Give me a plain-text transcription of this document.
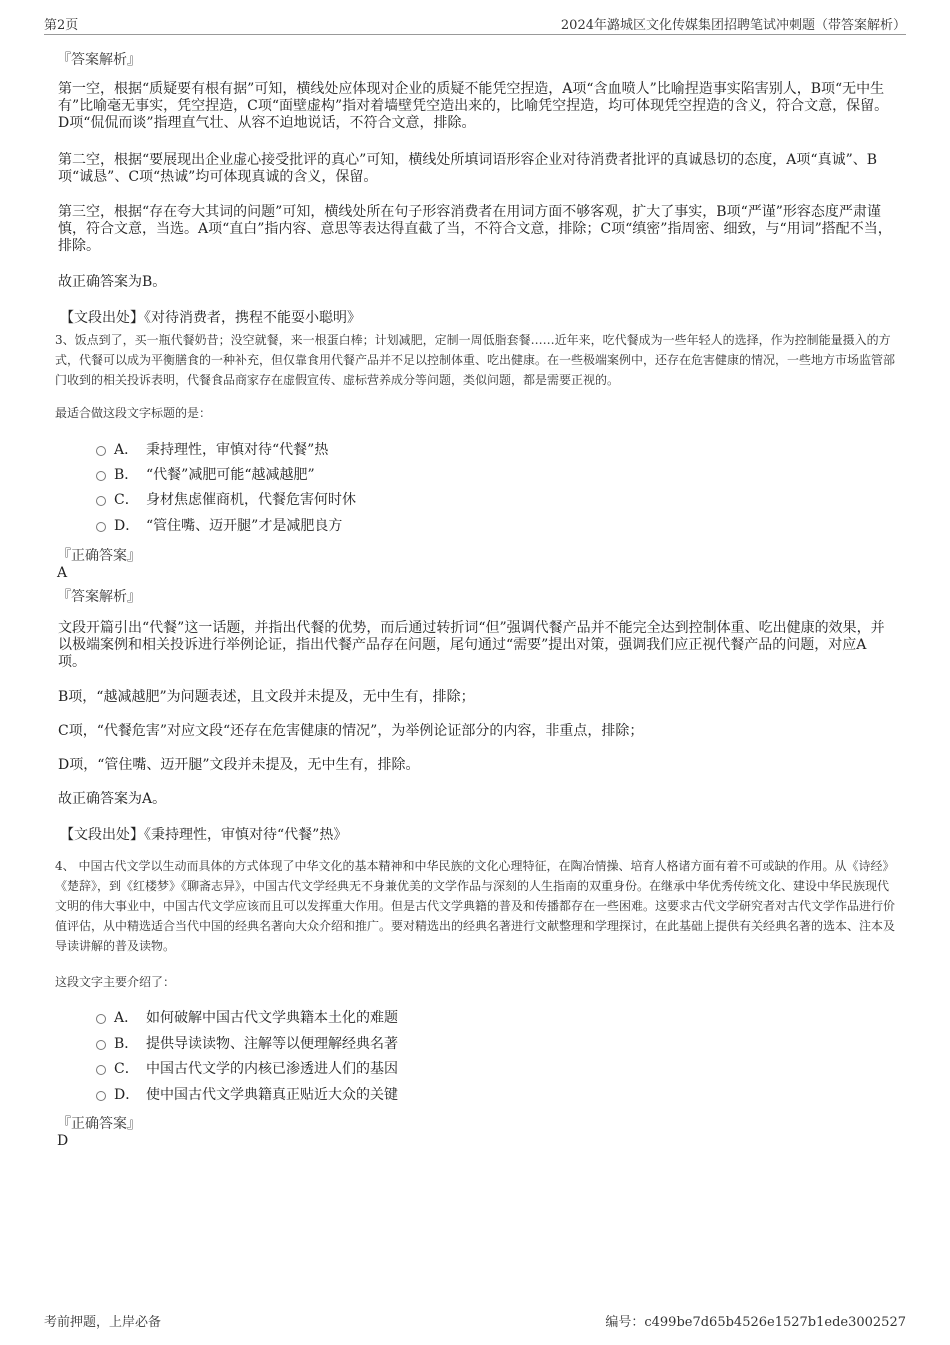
第2页	2024年潞城区文化传媒集团招聘笔试冲刺题（带答案解析）
『答案解析』
第一空，根据“质疑要有根有据”可知，横线处应体现对企业的质疑不能凭空捏造，A项“含血喷人”比喻捏造事实陷害别人，B项“无中生有”比喻毫无事实，凭空捏造，C项“面壁虚构”指对着墙壁凭空造出来的，比喻凭空捏造，均可体现凭空捏造的含义，符合文意，保留。D项“侃侃而谈”指理直气壮、从容不迫地说话，不符合文意，排除。
第二空，根据“要展现出企业虚心接受批评的真心”可知，横线处所填词语形容企业对待消费者批评的真诚恳切的态度，A项“真诚”、B项“诚恳”、C项“热诚”均可体现真诚的含义，保留。
第三空，根据“存在夸大其词的问题”可知，横线处所在句子形容消费者在用词方面不够客观，扩大了事实，B项“严谨”形容态度严肃谨慎，符合文意，当选。A项“直白”指内容、意思等表达得直截了当，不符合文意，排除；C项“缜密”指周密、细致，与“用词”搭配不当，排除。
故正确答案为B。
【文段出处】《对待消费者，携程不能耍小聪明》
3、饭点到了，买一瓶代餐奶昔；没空就餐，来一根蛋白棒；计划减肥，定制一周低脂套餐……近年来，吃代餐成为一些年轻人的选择，作为控制能量摄入的方式，代餐可以成为平衡膳食的一种补充，但仅靠食用代餐产品并不足以控制体重、吃出健康。在一些极端案例中，还存在危害健康的情况，一些地方市场监管部门收到的相关投诉表明，代餐食品商家存在虚假宣传、虚标营养成分等问题，类似问题，都是需要正视的。
最适合做这段文字标题的是：
A． 秉持理性，审慎对待“代餐”热
B． “代餐”减肥可能“越减越肥”
C． 身材焦虑催商机，代餐危害何时休
D． “管住嘴、迈开腿”才是减肥良方
『正确答案』
A
『答案解析』
文段开篇引出“代餐”这一话题，并指出代餐的优势，而后通过转折词“但”强调代餐产品并不能完全达到控制体重、吃出健康的效果，并以极端案例和相关投诉进行举例论证，指出代餐产品存在问题，尾句通过“需要”提出对策，强调我们应正视代餐产品的问题，对应A项。
B项，“越减越肥”为问题表述，且文段并未提及，无中生有，排除；
C项，“代餐危害”对应文段“还存在危害健康的情况”，为举例论证部分的内容，非重点，排除；
D项，“管住嘴、迈开腿”文段并未提及，无中生有，排除。
故正确答案为A。
【文段出处】《秉持理性，审慎对待“代餐”热》
4、 中国古代文学以生动而具体的方式体现了中华文化的基本精神和中华民族的文化心理特征，在陶冶情操、培育人格诸方面有着不可或缺的作用。从《诗经》《楚辞》，到《红楼梦》《聊斋志异》，中国古代文学经典无不身兼优美的文学作品与深刻的人生指南的双重身份。在继承中华优秀传统文化、建设中华民族现代文明的伟大事业中，中国古代文学应该而且可以发挥重大作用。但是古代文学典籍的普及和传播都存在一些困难。这要求古代文学研究者对古代文学作品进行价值评估，从中精选适合当代中国的经典名著向大众介绍和推广。要对精选出的经典名著进行文献整理和学理探讨，在此基础上提供有关经典名著的选本、注本及导读讲解的普及读物。
这段文字主要介绍了：
A． 如何破解中国古代文学典籍本土化的难题
B． 提供导读读物、注解等以便理解经典名著
C． 中国古代文学的内核已渗透进人们的基因
D． 使中国古代文学典籍真正贴近大众的关键
『正确答案』
D
考前押题，上岸必备	编号：c499be7d65b4526e1527b1ede3002527
